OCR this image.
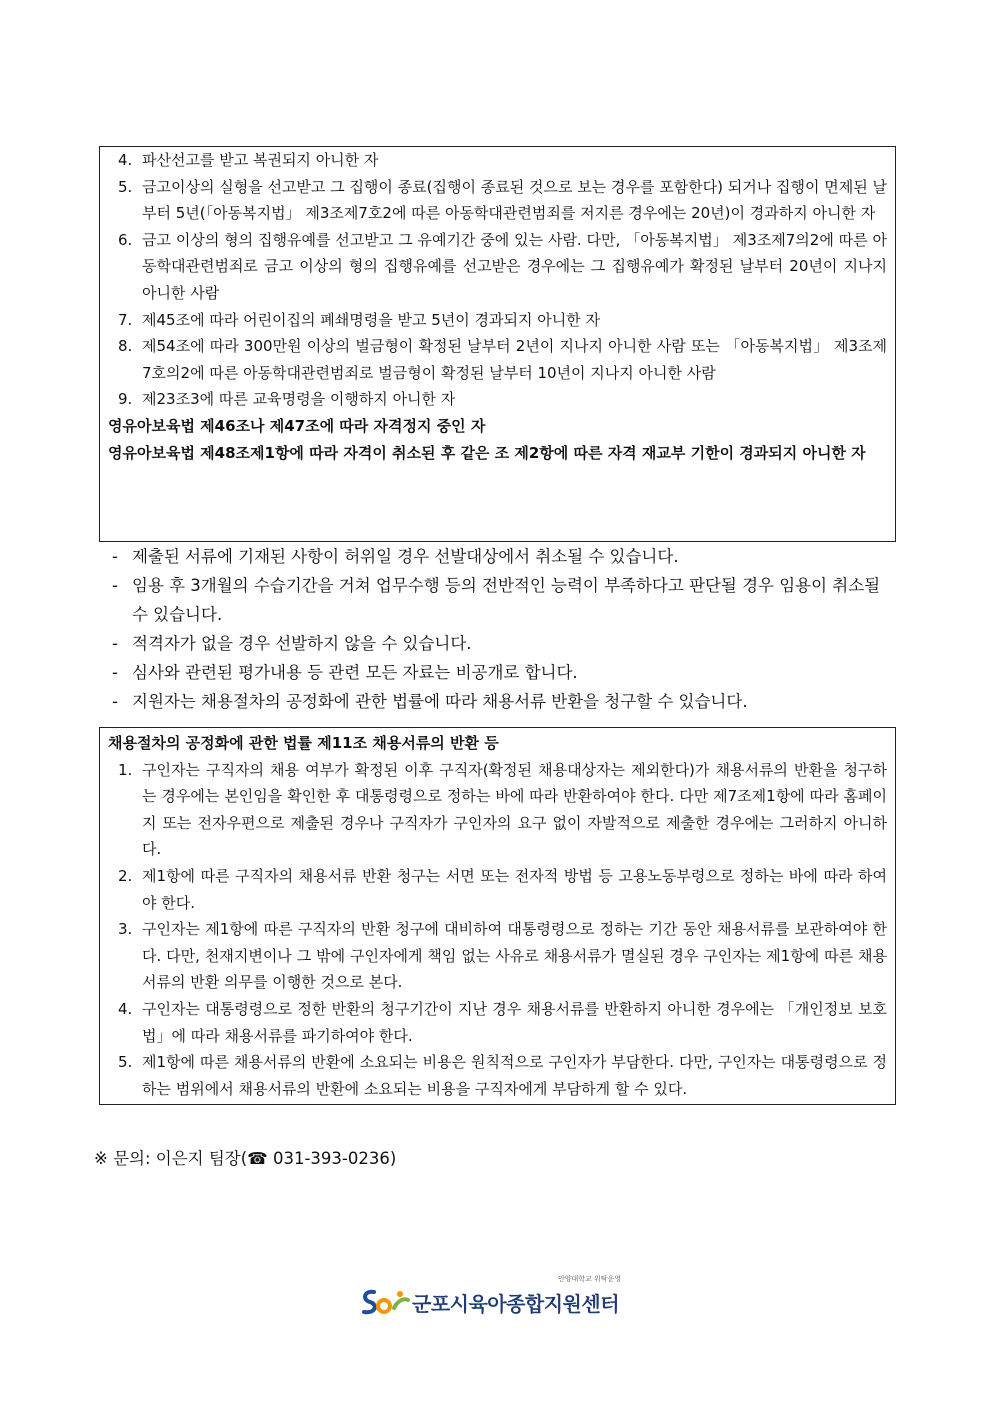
4. 파산선고를 받고 복권되지 아니한 자
5. 금고이상의 실형을 선고받고 그 집행이 종료(집행이 종료된 것으로 보는 경우를 포함한다) 되거나 집행이 면제된 날부터 5년(「아동복지법」 제3조제7호2에 따른 아동학대관련범죄를 저지른 경우에는 20년)이 경과하지 아니한 자
6. 금고 이상의 형의 집행유예를 선고받고 그 유예기간 중에 있는 사람. 다만, 「아동복지법」 제3조제7의2에 따른 아동학대관련범죄로 금고 이상의 형의 집행유예를 선고받은 경우에는 그 집행유예가 확정된 날부터 20년이 지나지 아니한 사람
7. 제45조에 따라 어린이집의 폐쇄명령을 받고 5년이 경과되지 아니한 자
8. 제54조에 따라 300만원 이상의 벌금형이 확정된 날부터 2년이 지나지 아니한 사람 또는 「아동복지법」 제3조제7호의2에 따른 아동학대관련범죄로 벌금형이 확정된 날부터 10년이 지나지 아니한 사람
9. 제23조3에 따른 교육명령을 이행하지 아니한 자
영유아보육법 제46조나 제47조에 따라 자격정지 중인 자
영유아보육법 제48조제1항에 따라 자격이 취소된 후 같은 조 제2항에 따른 자격 재교부 기한이 경과되지 아니한 자
- 제출된 서류에 기재된 사항이 허위일 경우 선발대상에서 취소될 수 있습니다.
- 임용 후 3개월의 수습기간을 거쳐 업무수행 등의 전반적인 능력이 부족하다고 판단될 경우 임용이 취소될 수 있습니다.
- 적격자가 없을 경우 선발하지 않을 수 있습니다.
- 심사와 관련된 평가내용 등 관련 모든 자료는 비공개로 합니다.
- 지원자는 채용절차의 공정화에 관한 법률에 따라 채용서류 반환을 청구할 수 있습니다.
채용절차의 공정화에 관한 법률 제11조 채용서류의 반환 등
1. 구인자는 구직자의 채용 여부가 확정된 이후 구직자(확정된 채용대상자는 제외한다)가 채용서류의 반환을 청구하는 경우에는 본인임을 확인한 후 대통령령으로 정하는 바에 따라 반환하여야 한다. 다만 제7조제1항에 따라 홈페이지 또는 전자우편으로 제출된 경우나 구직자가 구인자의 요구 없이 자발적으로 제출한 경우에는 그러하지 아니하다.
2. 제1항에 따른 구직자의 채용서류 반환 청구는 서면 또는 전자적 방법 등 고용노동부령으로 정하는 바에 따라 하여야 한다.
3. 구인자는 제1항에 따른 구직자의 반환 청구에 대비하여 대통령령으로 정하는 기간 동안 채용서류를 보관하여야 한다. 다만, 천재지변이나 그 밖에 구인자에게 책임 없는 사유로 채용서류가 멸실된 경우 구인자는 제1항에 따른 채용서류의 반환 의무를 이행한 것으로 본다.
4. 구인자는 대통령령으로 정한 반환의 청구기간이 지난 경우 채용서류를 반환하지 아니한 경우에는 「개인정보 보호법」에 따라 채용서류를 파기하여야 한다.
5. 제1항에 따른 채용서류의 반환에 소요되는 비용은 원칙적으로 구인자가 부담한다. 다만, 구인자는 대통령령으로 정하는 범위에서 채용서류의 반환에 소요되는 비용을 구직자에게 부담하게 할 수 있다.
※ 문의: 이은지 팀장(☎ 031-393-0236)
안양대학교 위탁운영
군포시육아종합지원센터
